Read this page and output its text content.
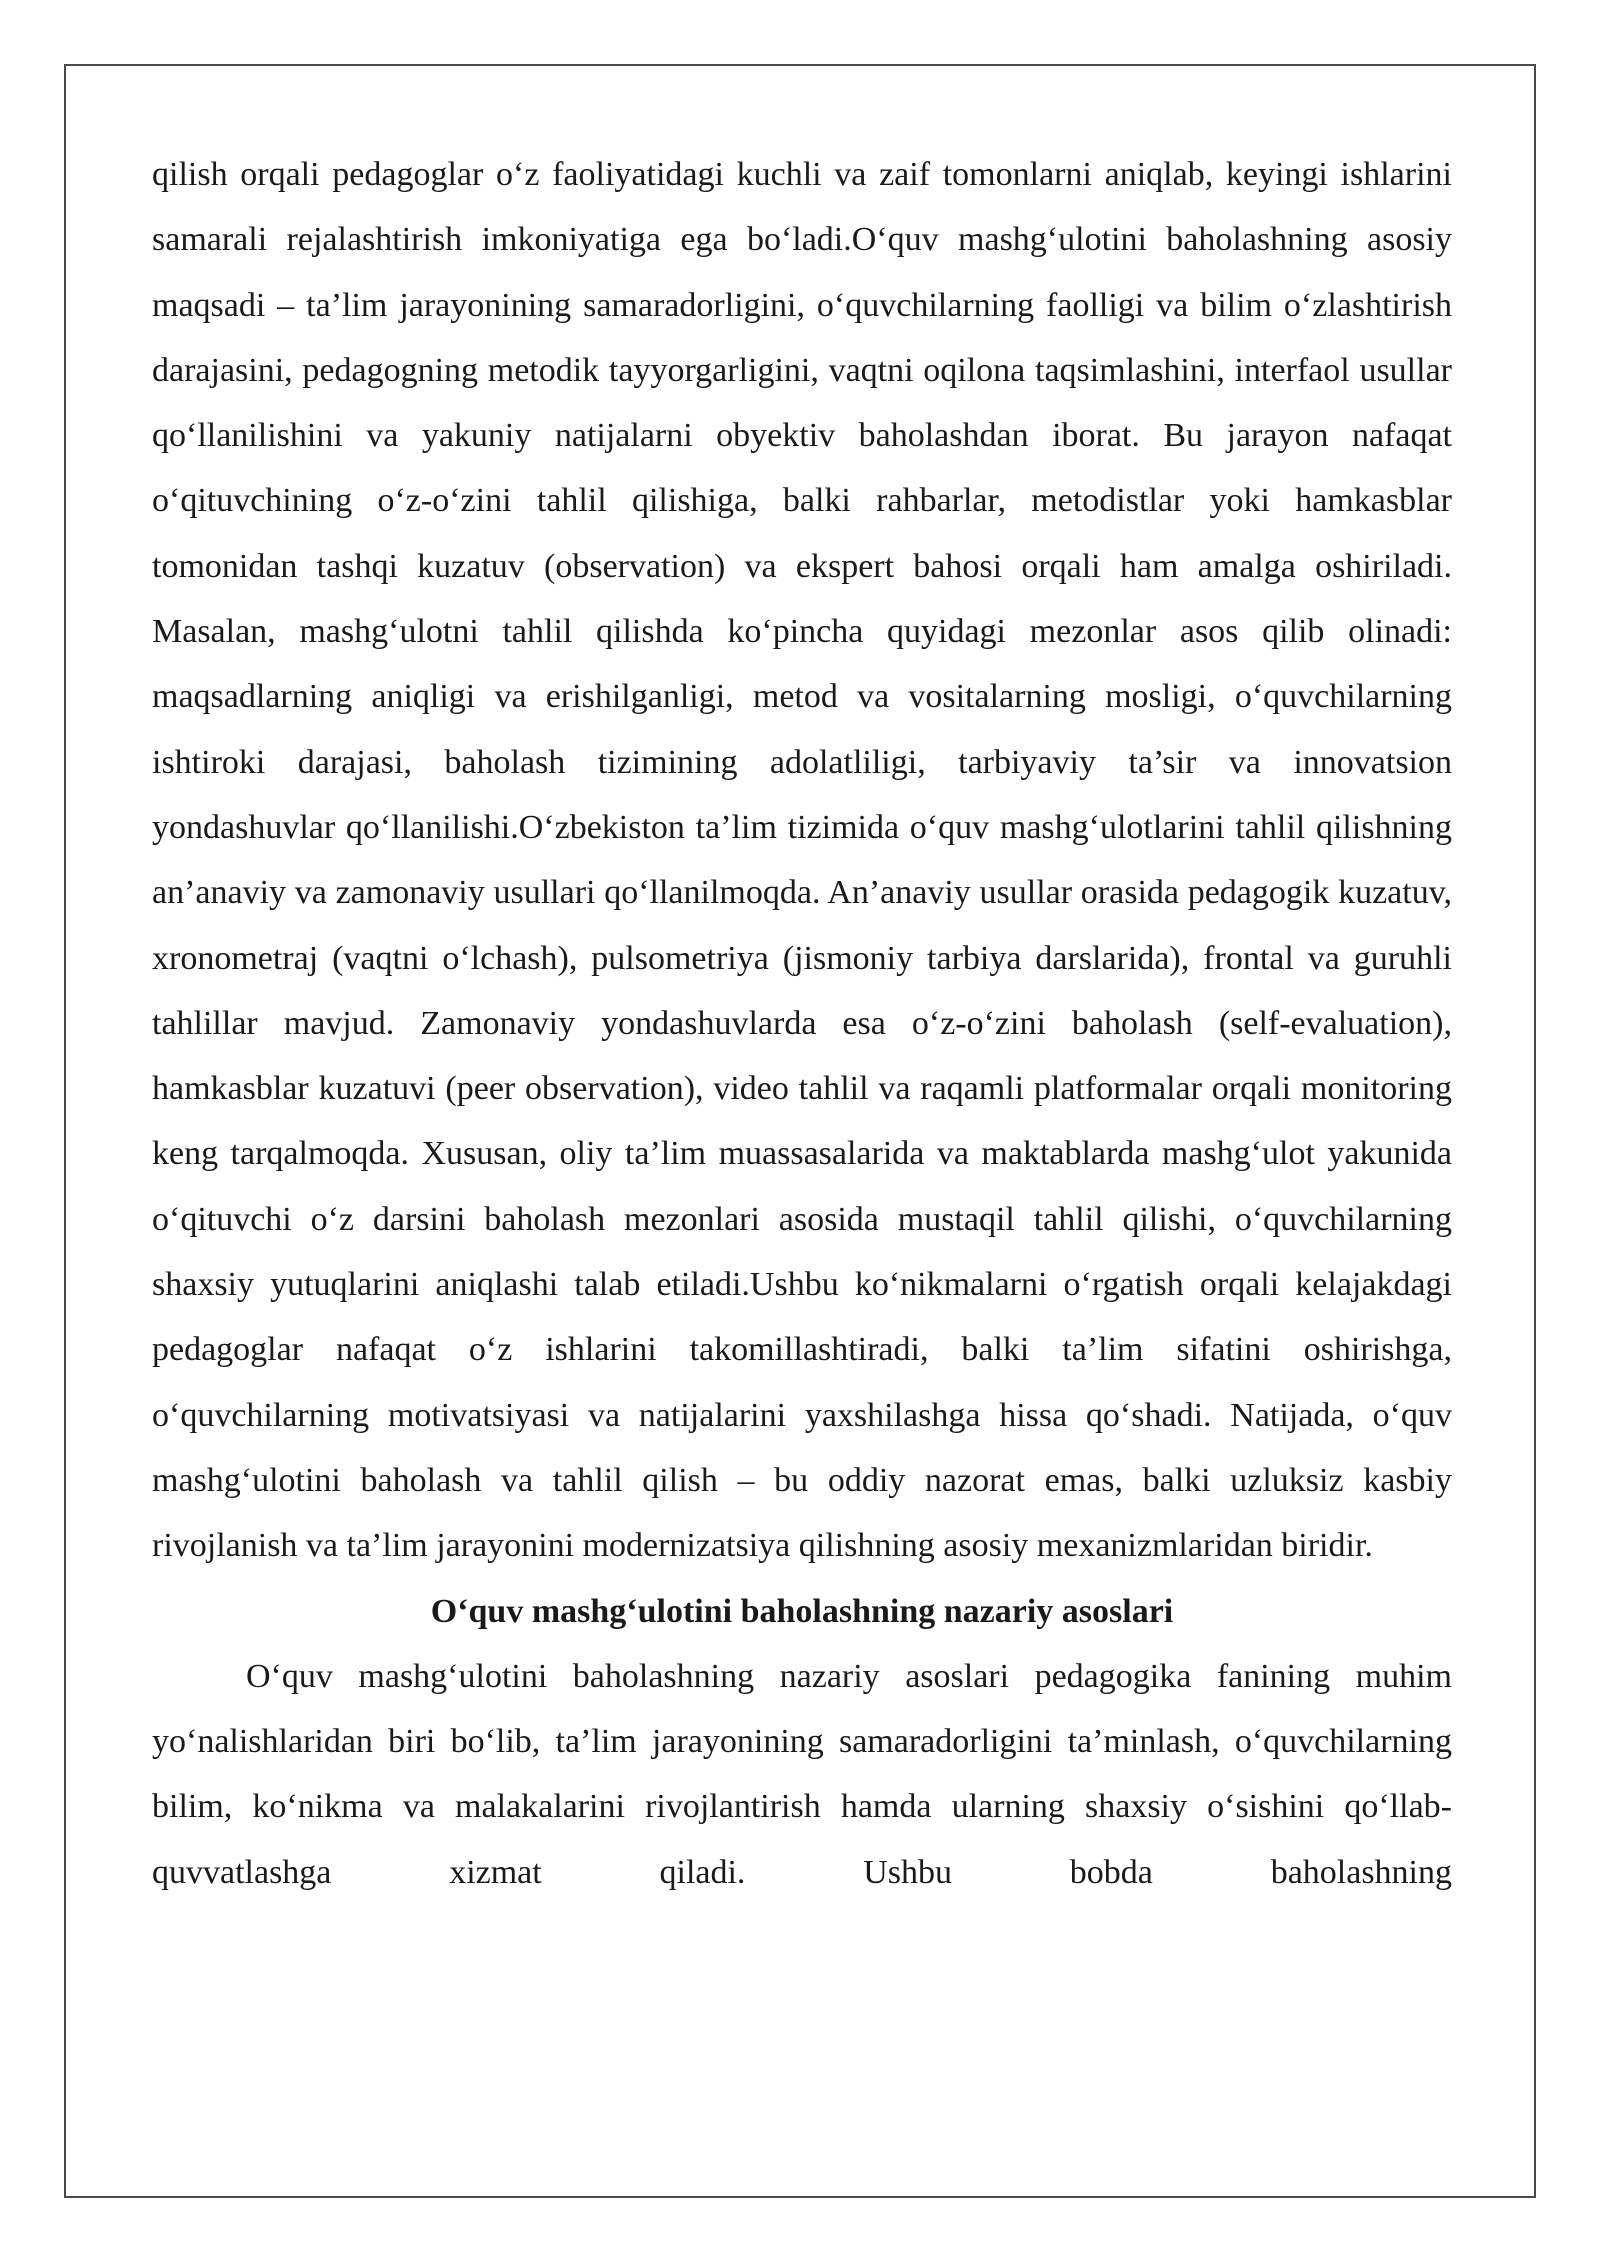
qilish orqali pedagoglar o‘z faoliyatidagi kuchli va zaif tomonlarni aniqlab, keyingi ishlarini samarali rejalashtirish imkoniyatiga ega bo‘ladi.O‘quv mashg‘ulotini baholashning asosiy maqsadi – ta’lim jarayonining samaradorligini, o‘quvchilarning faolligi va bilim o‘zlashtirish darajasini, pedagogning metodik tayyorgarligini, vaqtni oqilona taqsimlashini, interfaol usullar qo‘llanilishini va yakuniy natijalarni obyektiv baholashdan iborat. Bu jarayon nafaqat o‘qituvchining o‘z-o‘zini tahlil qilishiga, balki rahbarlar, metodistlar yoki hamkasblar tomonidan tashqi kuzatuv (observation) va ekspert bahosi orqali ham amalga oshiriladi. Masalan, mashg‘ulotni tahlil qilishda ko‘pincha quyidagi mezonlar asos qilib olinadi: maqsadlarning aniqligi va erishilganligi, metod va vositalarning mosligi, o‘quvchilarning ishtiroki darajasi, baholash tizimining adolatliligi, tarbiyaviy ta’sir va innovatsion yondashuvlar qo‘llanilishi.O‘zbekiston ta’lim tizimida o‘quv mashg‘ulotlarini tahlil qilishning an’anaviy va zamonaviy usullari qo‘llanilmoqda. An’anaviy usullar orasida pedagogik kuzatuv, xronometraj (vaqtni o‘lchash), pulsometriya (jismoniy tarbiya darslarida), frontal va guruhli tahlillar mavjud. Zamonaviy yondashuvlarda esa o‘z-o‘zini baholash (self-evaluation), hamkasblar kuzatuvi (peer observation), video tahlil va raqamli platformalar orqali monitoring keng tarqalmoqda. Xususan, oliy ta’lim muassasalarida va maktablarda mashg‘ulot yakunida o‘qituvchi o‘z darsini baholash mezonlari asosida mustaqil tahlil qilishi, o‘quvchilarning shaxsiy yutuqlarini aniqlashi talab etiladi.Ushbu ko‘nikmalarni o‘rgatish orqali kelajakdagi pedagoglar nafaqat o‘z ishlarini takomillashtiradi, balki ta’lim sifatini oshirishga, o‘quvchilarning motivatsiyasi va natijalarini yaxshilashga hissa qo‘shadi. Natijada, o‘quv mashg‘ulotini baholash va tahlil qilish – bu oddiy nazorat emas, balki uzluksiz kasbiy rivojlanish va ta’lim jarayonini modernizatsiya qilishning asosiy mexanizmlaridan biridir.

O‘quv mashg‘ulotini baholashning nazariy asoslari

O‘quv mashg‘ulotini baholashning nazariy asoslari pedagogika fanining muhim yo‘nalishlaridan biri bo‘lib, ta’lim jarayonining samaradorligini ta’minlash, o‘quvchilarning bilim, ko‘nikma va malakalarini rivojlantirish hamda ularning shaxsiy o‘sishini qo‘llab-quvvatlashga xizmat qiladi. Ushbu bobda baholashning
